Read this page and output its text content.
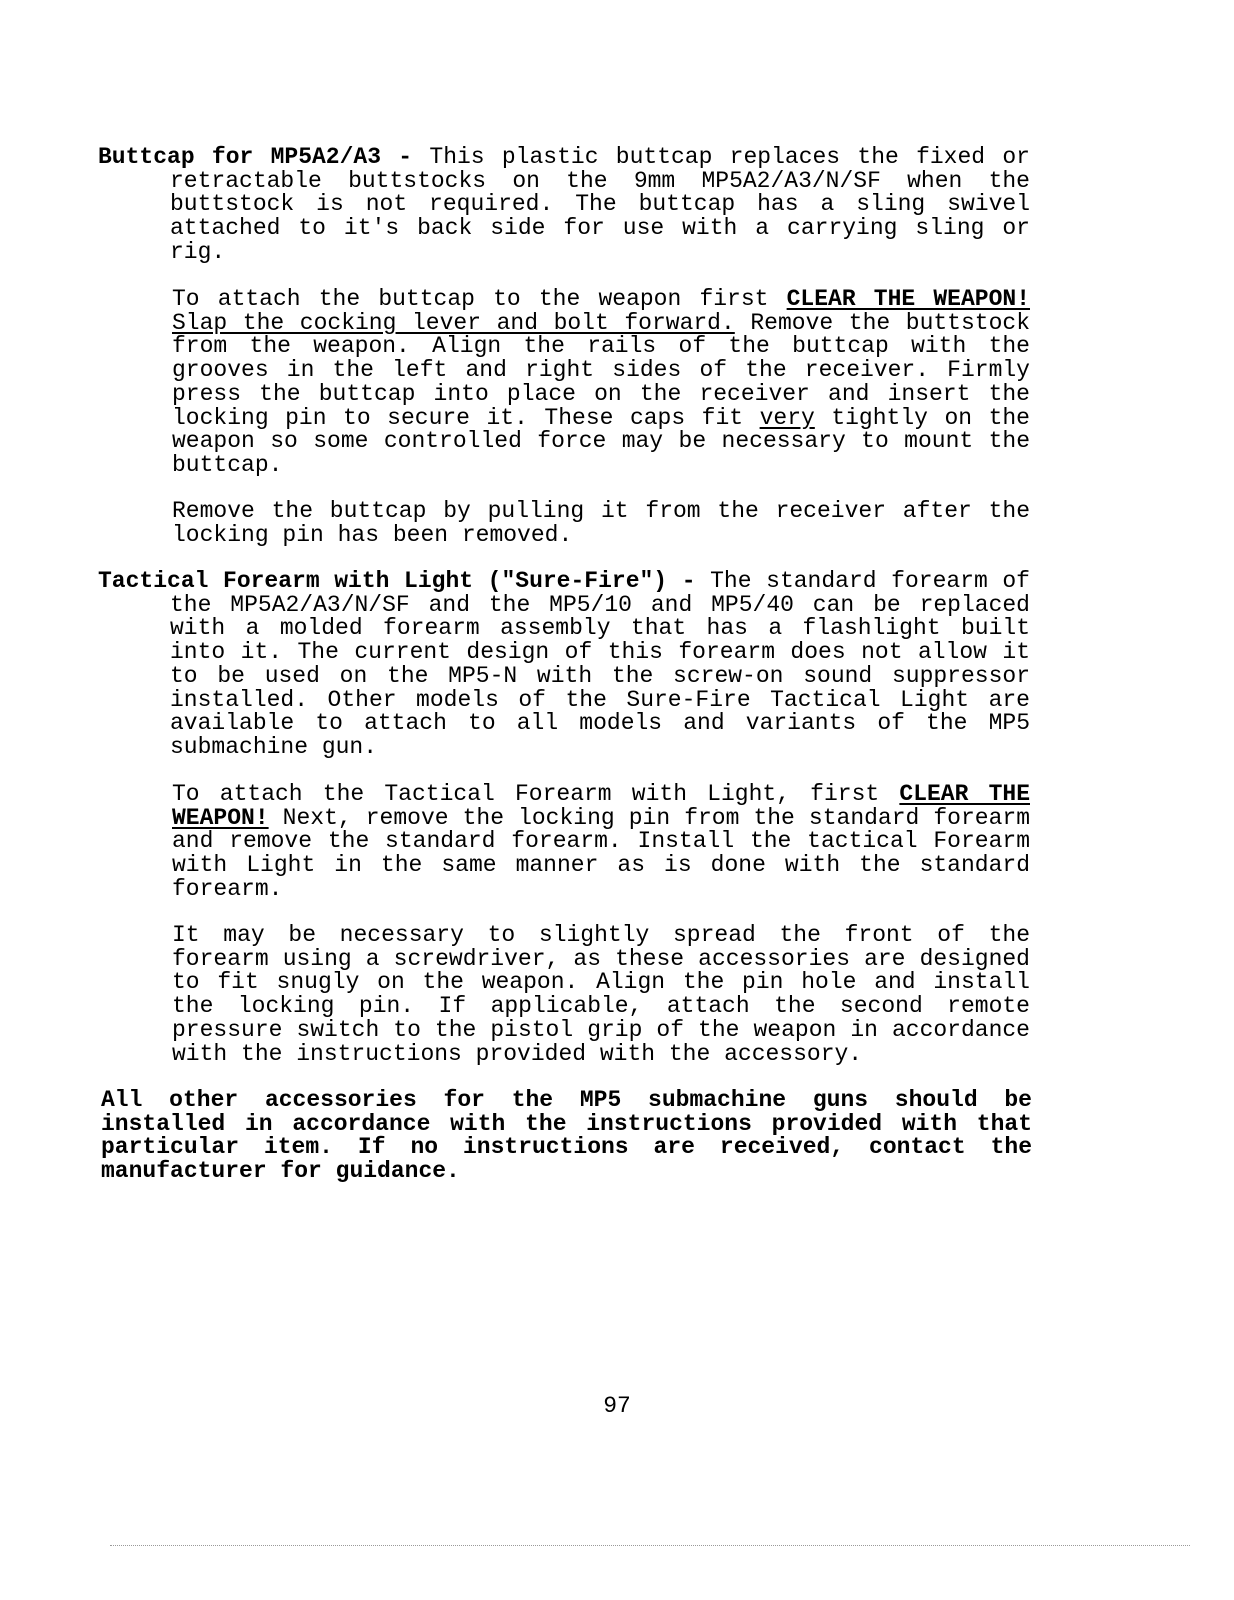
Buttcap for MP5A2/A3 - This plastic buttcap replaces the fixed or retractable buttstocks on the 9mm MP5A2/A3/N/SF when the buttstock is not required. The buttcap has a sling swivel attached to it's back side for use with a carrying sling or rig.

To attach the buttcap to the weapon first CLEAR THE WEAPON! Slap the cocking lever and bolt forward. Remove the buttstock from the weapon. Align the rails of the buttcap with the grooves in the left and right sides of the receiver. Firmly press the buttcap into place on the receiver and insert the locking pin to secure it. These caps fit very tightly on the weapon so some controlled force may be necessary to mount the buttcap.

Remove the buttcap by pulling it from the receiver after the locking pin has been removed.

Tactical Forearm with Light ("Sure-Fire") - The standard forearm of the MP5A2/A3/N/SF and the MP5/10 and MP5/40 can be replaced with a molded forearm assembly that has a flashlight built into it. The current design of this forearm does not allow it to be used on the MP5-N with the screw-on sound suppressor installed. Other models of the Sure-Fire Tactical Light are available to attach to all models and variants of the MP5 submachine gun.

To attach the Tactical Forearm with Light, first CLEAR THE WEAPON! Next, remove the locking pin from the standard forearm and remove the standard forearm. Install the tactical Forearm with Light in the same manner as is done with the standard forearm.

It may be necessary to slightly spread the front of the forearm using a screwdriver, as these accessories are designed to fit snugly on the weapon. Align the pin hole and install the locking pin. If applicable, attach the second remote pressure switch to the pistol grip of the weapon in accordance with the instructions provided with the accessory.

All other accessories for the MP5 submachine guns should be installed in accordance with the instructions provided with that particular item. If no instructions are received, contact the manufacturer for guidance.

97
